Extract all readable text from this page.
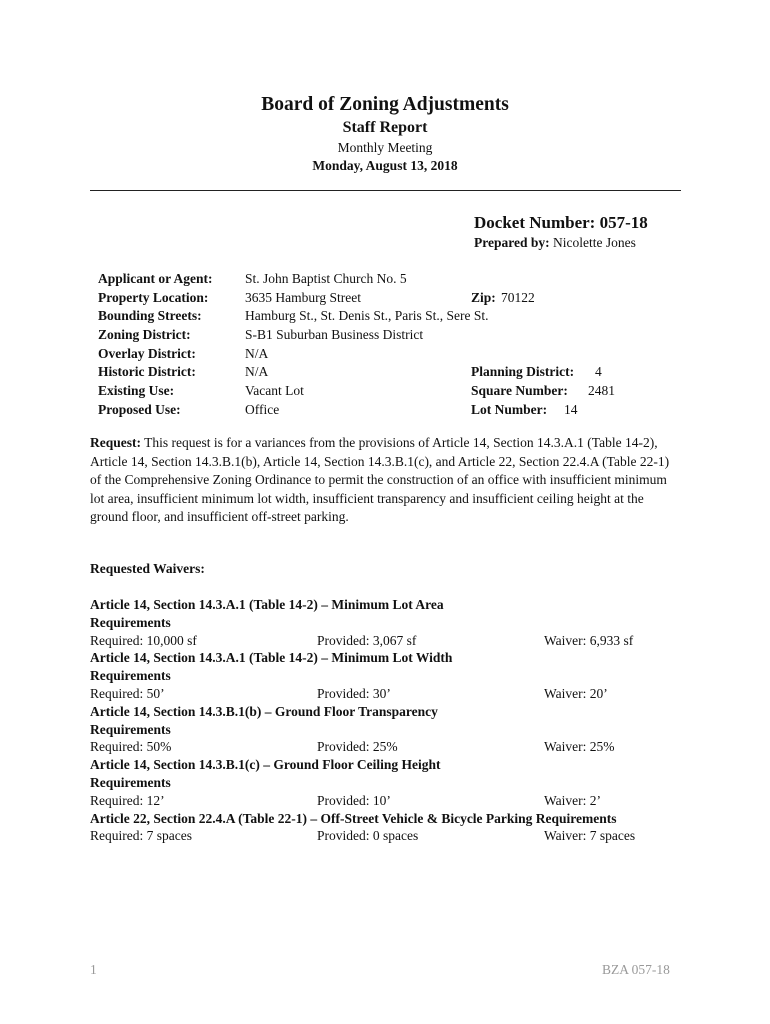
Board of Zoning Adjustments
Staff Report
Monthly Meeting
Monday, August 13, 2018
Docket Number: 057-18
Prepared by: Nicolette Jones
Applicant or Agent: St. John Baptist Church No. 5
Property Location:	3635 Hamburg Street	Zip: 70122
Bounding Streets:	Hamburg St., St. Denis St., Paris St., Sere St.
Zoning District:	S-B1 Suburban Business District
Overlay District:	N/A
Historic District:	N/A	Planning District: 4
Existing Use:	Vacant Lot	Square Number: 2481
Proposed Use:	Office	Lot Number: 14
Request: This request is for a variances from the provisions of Article 14, Section 14.3.A.1 (Table 14-2), Article 14, Section 14.3.B.1(b), Article 14, Section 14.3.B.1(c), and Article 22, Section 22.4.A (Table 22-1) of the Comprehensive Zoning Ordinance to permit the construction of an office with insufficient minimum lot area, insufficient minimum lot width, insufficient transparency and insufficient ceiling height at the ground floor, and insufficient off-street parking.
Requested Waivers:
Article 14, Section 14.3.A.1 (Table 14-2) – Minimum Lot Area
Requirements
Required: 10,000 sf	Provided: 3,067 sf	Waiver: 6,933 sf
Article 14, Section 14.3.A.1 (Table 14-2) – Minimum Lot Width
Requirements
Required: 50’	Provided: 30’	Waiver: 20’
Article 14, Section 14.3.B.1(b) – Ground Floor Transparency
Requirements
Required: 50%	Provided: 25%	Waiver: 25%
Article 14, Section 14.3.B.1(c) – Ground Floor Ceiling Height
Requirements
Required: 12’	Provided: 10’	Waiver: 2’
Article 22, Section 22.4.A (Table 22-1) – Off-Street Vehicle & Bicycle Parking Requirements
Required: 7 spaces	Provided: 0 spaces	Waiver: 7 spaces
1	BZA 057-18
